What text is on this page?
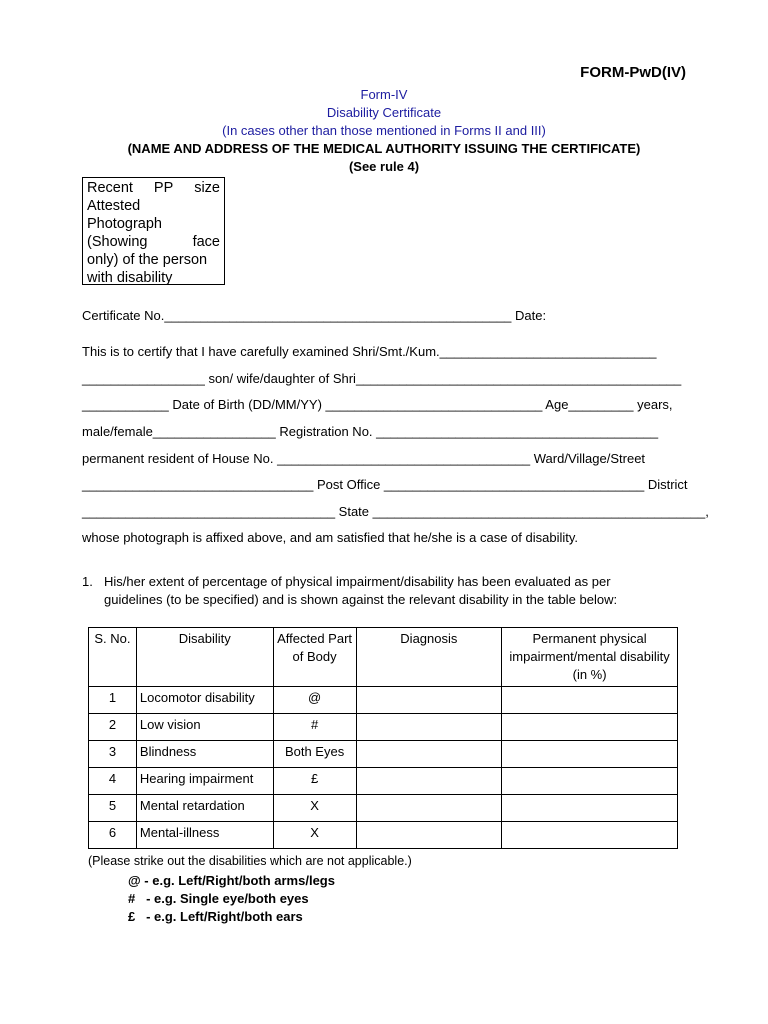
FORM-PwD(IV)
Form-IV
Disability Certificate
(In cases other than those mentioned in Forms II and III)
(NAME AND ADDRESS OF THE MEDICAL AUTHORITY ISSUING THE CERTIFICATE)
(See rule 4)
Recent PP size
Attested
Photograph
(Showing	face
only) of the person
with disability
Certificate No.________________________________________________ Date:
This is to certify that I have carefully examined Shri/Smt./Kum.______________________________
_________________ son/ wife/daughter of Shri_____________________________________________
____________ Date of Birth (DD/MM/YY) ______________________________ Age_________ years,
male/female_________________ Registration No. _______________________________________
permanent resident of House No. ___________________________________ Ward/Village/Street
________________________________ Post Office ____________________________________ District
___________________________________ State ______________________________________________,
whose photograph is affixed above, and am satisfied that he/she is a case of disability.
1. His/her extent of percentage of physical impairment/disability has been evaluated as per
guidelines (to be specified) and is shown against the relevant disability in the table below:
S. No.	Disability	Affected Part of Body	Diagnosis	Permanent physical impairment/mental disability (in %)
1	Locomotor disability	@		
2	Low vision	#		
3	Blindness	Both Eyes		
4	Hearing impairment	£		
5	Mental retardation	X		
6	Mental-illness	X		
(Please strike out the disabilities which are not applicable.)
@ - e.g. Left/Right/both arms/legs
#   - e.g. Single eye/both eyes
£   - e.g. Left/Right/both ears
